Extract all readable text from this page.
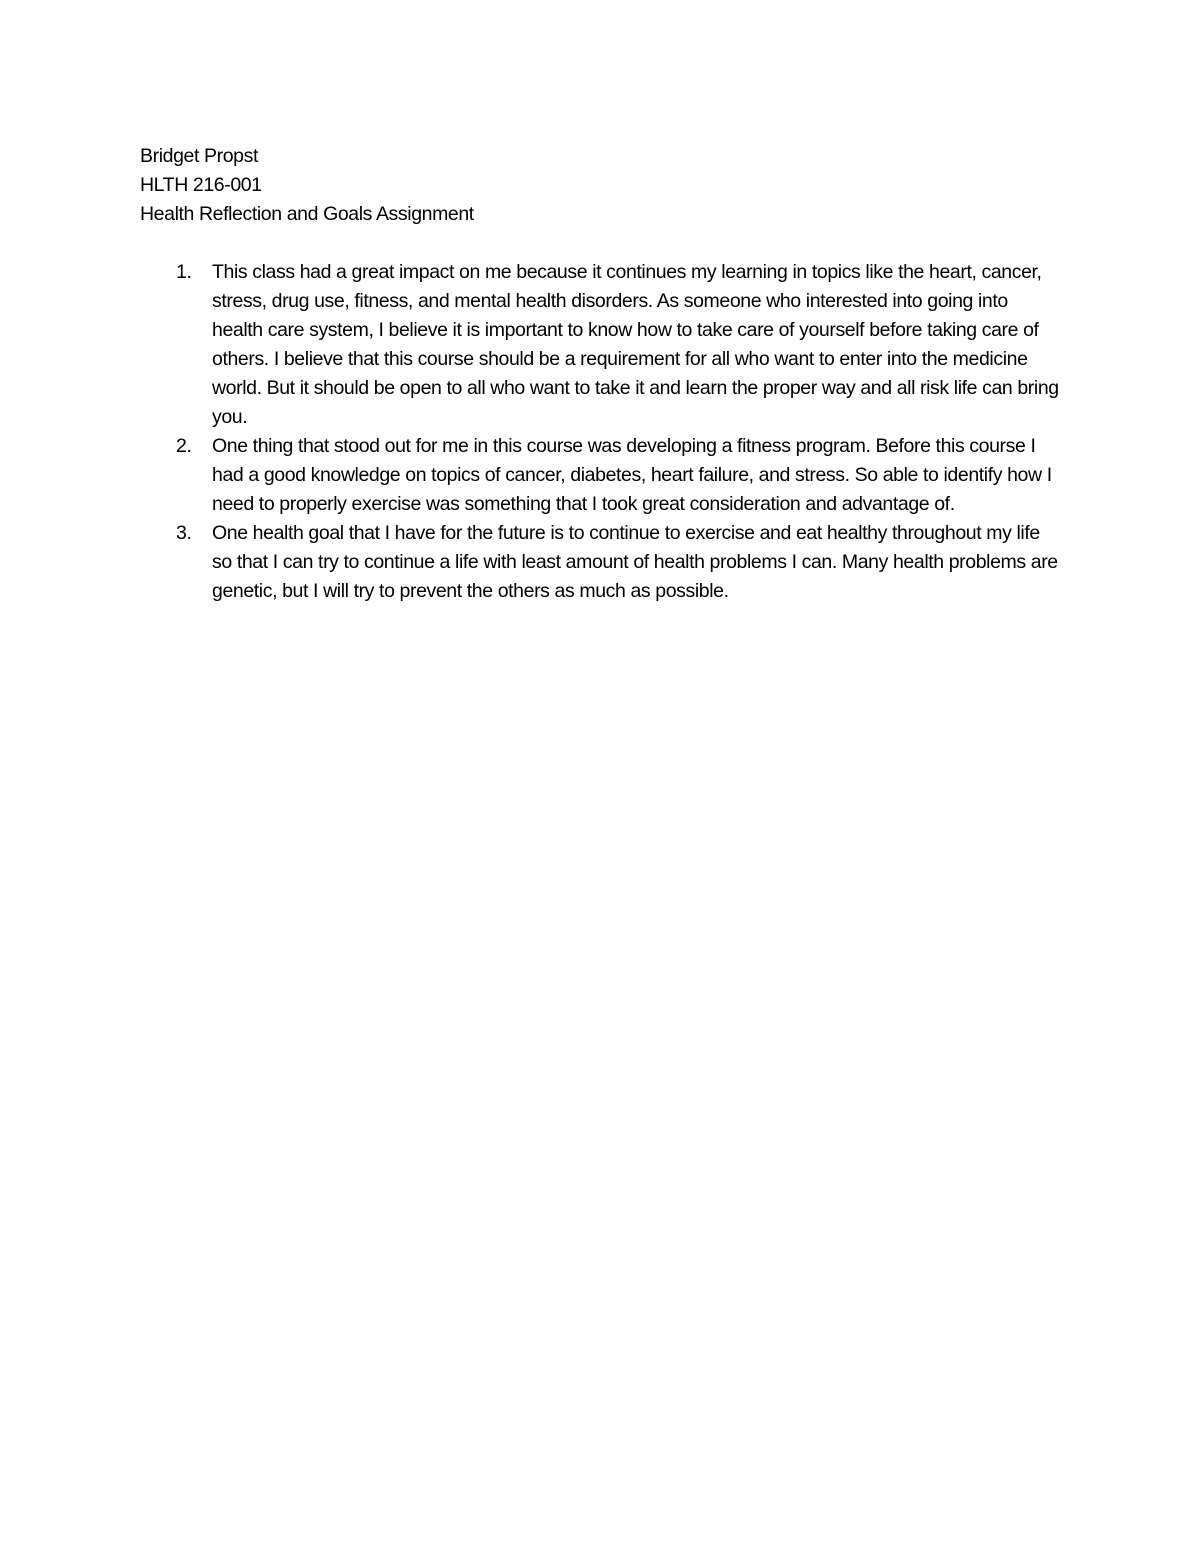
Bridget Propst
HLTH 216-001
Health Reflection and Goals Assignment
1. This class had a great impact on me because it continues my learning in topics like the heart, cancer, stress, drug use, fitness, and mental health disorders. As someone who interested into going into health care system, I believe it is important to know how to take care of yourself before taking care of others. I believe that this course should be a requirement for all who want to enter into the medicine world. But it should be open to all who want to take it and learn the proper way and all risk life can bring you.
2. One thing that stood out for me in this course was developing a fitness program. Before this course I had a good knowledge on topics of cancer, diabetes, heart failure, and stress. So able to identify how I need to properly exercise was something that I took great consideration and advantage of.
3. One health goal that I have for the future is to continue to exercise and eat healthy throughout my life so that I can try to continue a life with least amount of health problems I can. Many health problems are genetic, but I will try to prevent the others as much as possible.
